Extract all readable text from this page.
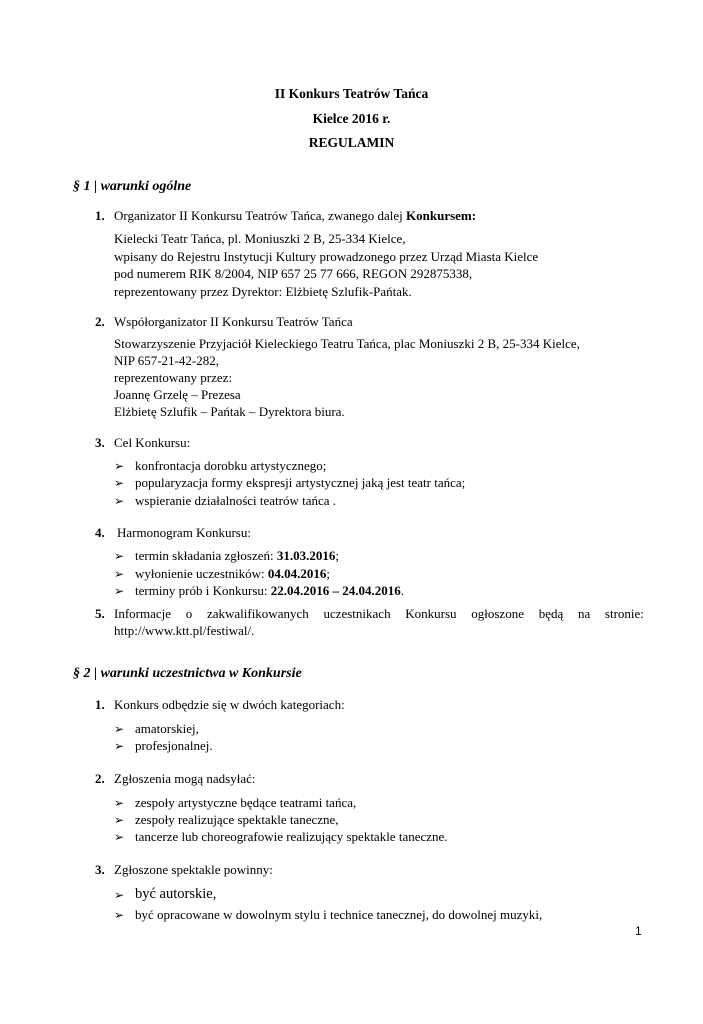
II Konkurs Teatrów Tańca
Kielce 2016 r.
REGULAMIN
§ 1 | warunki ogólne
1. Organizator II Konkursu Teatrów Tańca, zwanego dalej Konkursem:
Kielecki Teatr Tańca, pl. Moniuszki 2 B, 25-334 Kielce,
wpisany do Rejestru Instytucji Kultury prowadzonego przez Urząd Miasta Kielce
pod numerem RIK 8/2004, NIP 657 25 77 666, REGON 292875338,
reprezentowany przez Dyrektor: Elżbietę Szlufik-Pańtak.
2. Współorganizator II Konkursu Teatrów Tańca
Stowarzyszenie Przyjaciół Kieleckiego Teatru Tańca, plac Moniuszki 2 B, 25-334 Kielce,
NIP 657-21-42-282,
reprezentowany przez:
Joannę Grzelę – Prezesa
Elżbietę Szlufik – Pańtak – Dyrektora biura.
3. Cel Konkursu:
➢ konfrontacja dorobku artystycznego;
➢ popularyzacja formy ekspresji artystycznej jaką jest teatr tańca;
➢ wspieranie działalności teatrów tańca .
4. Harmonogram Konkursu:
➢ termin składania zgłoszeń: 31.03.2016;
➢ wyłonienie uczestników: 04.04.2016;
➢ terminy prób i Konkursu: 22.04.2016 – 24.04.2016.
5. Informacje o zakwalifikowanych uczestnikach Konkursu ogłoszone będą na stronie:
http://www.ktt.pl/festiwal/.
§ 2 | warunki uczestnictwa w Konkursie
1. Konkurs odbędzie się w dwóch kategoriach:
➢ amatorskiej,
➢ profesjonalnej.
2. Zgłoszenia mogą nadsyłać:
➢ zespoły artystyczne będące teatrami tańca,
➢ zespoły realizujące spektakle taneczne,
➢ tancerze lub choreografowie realizujący spektakle taneczne.
3. Zgłoszone spektakle powinny:
➢ być autorskie,
➢ być opracowane w dowolnym stylu i technice tanecznej, do dowolnej muzyki,
1
